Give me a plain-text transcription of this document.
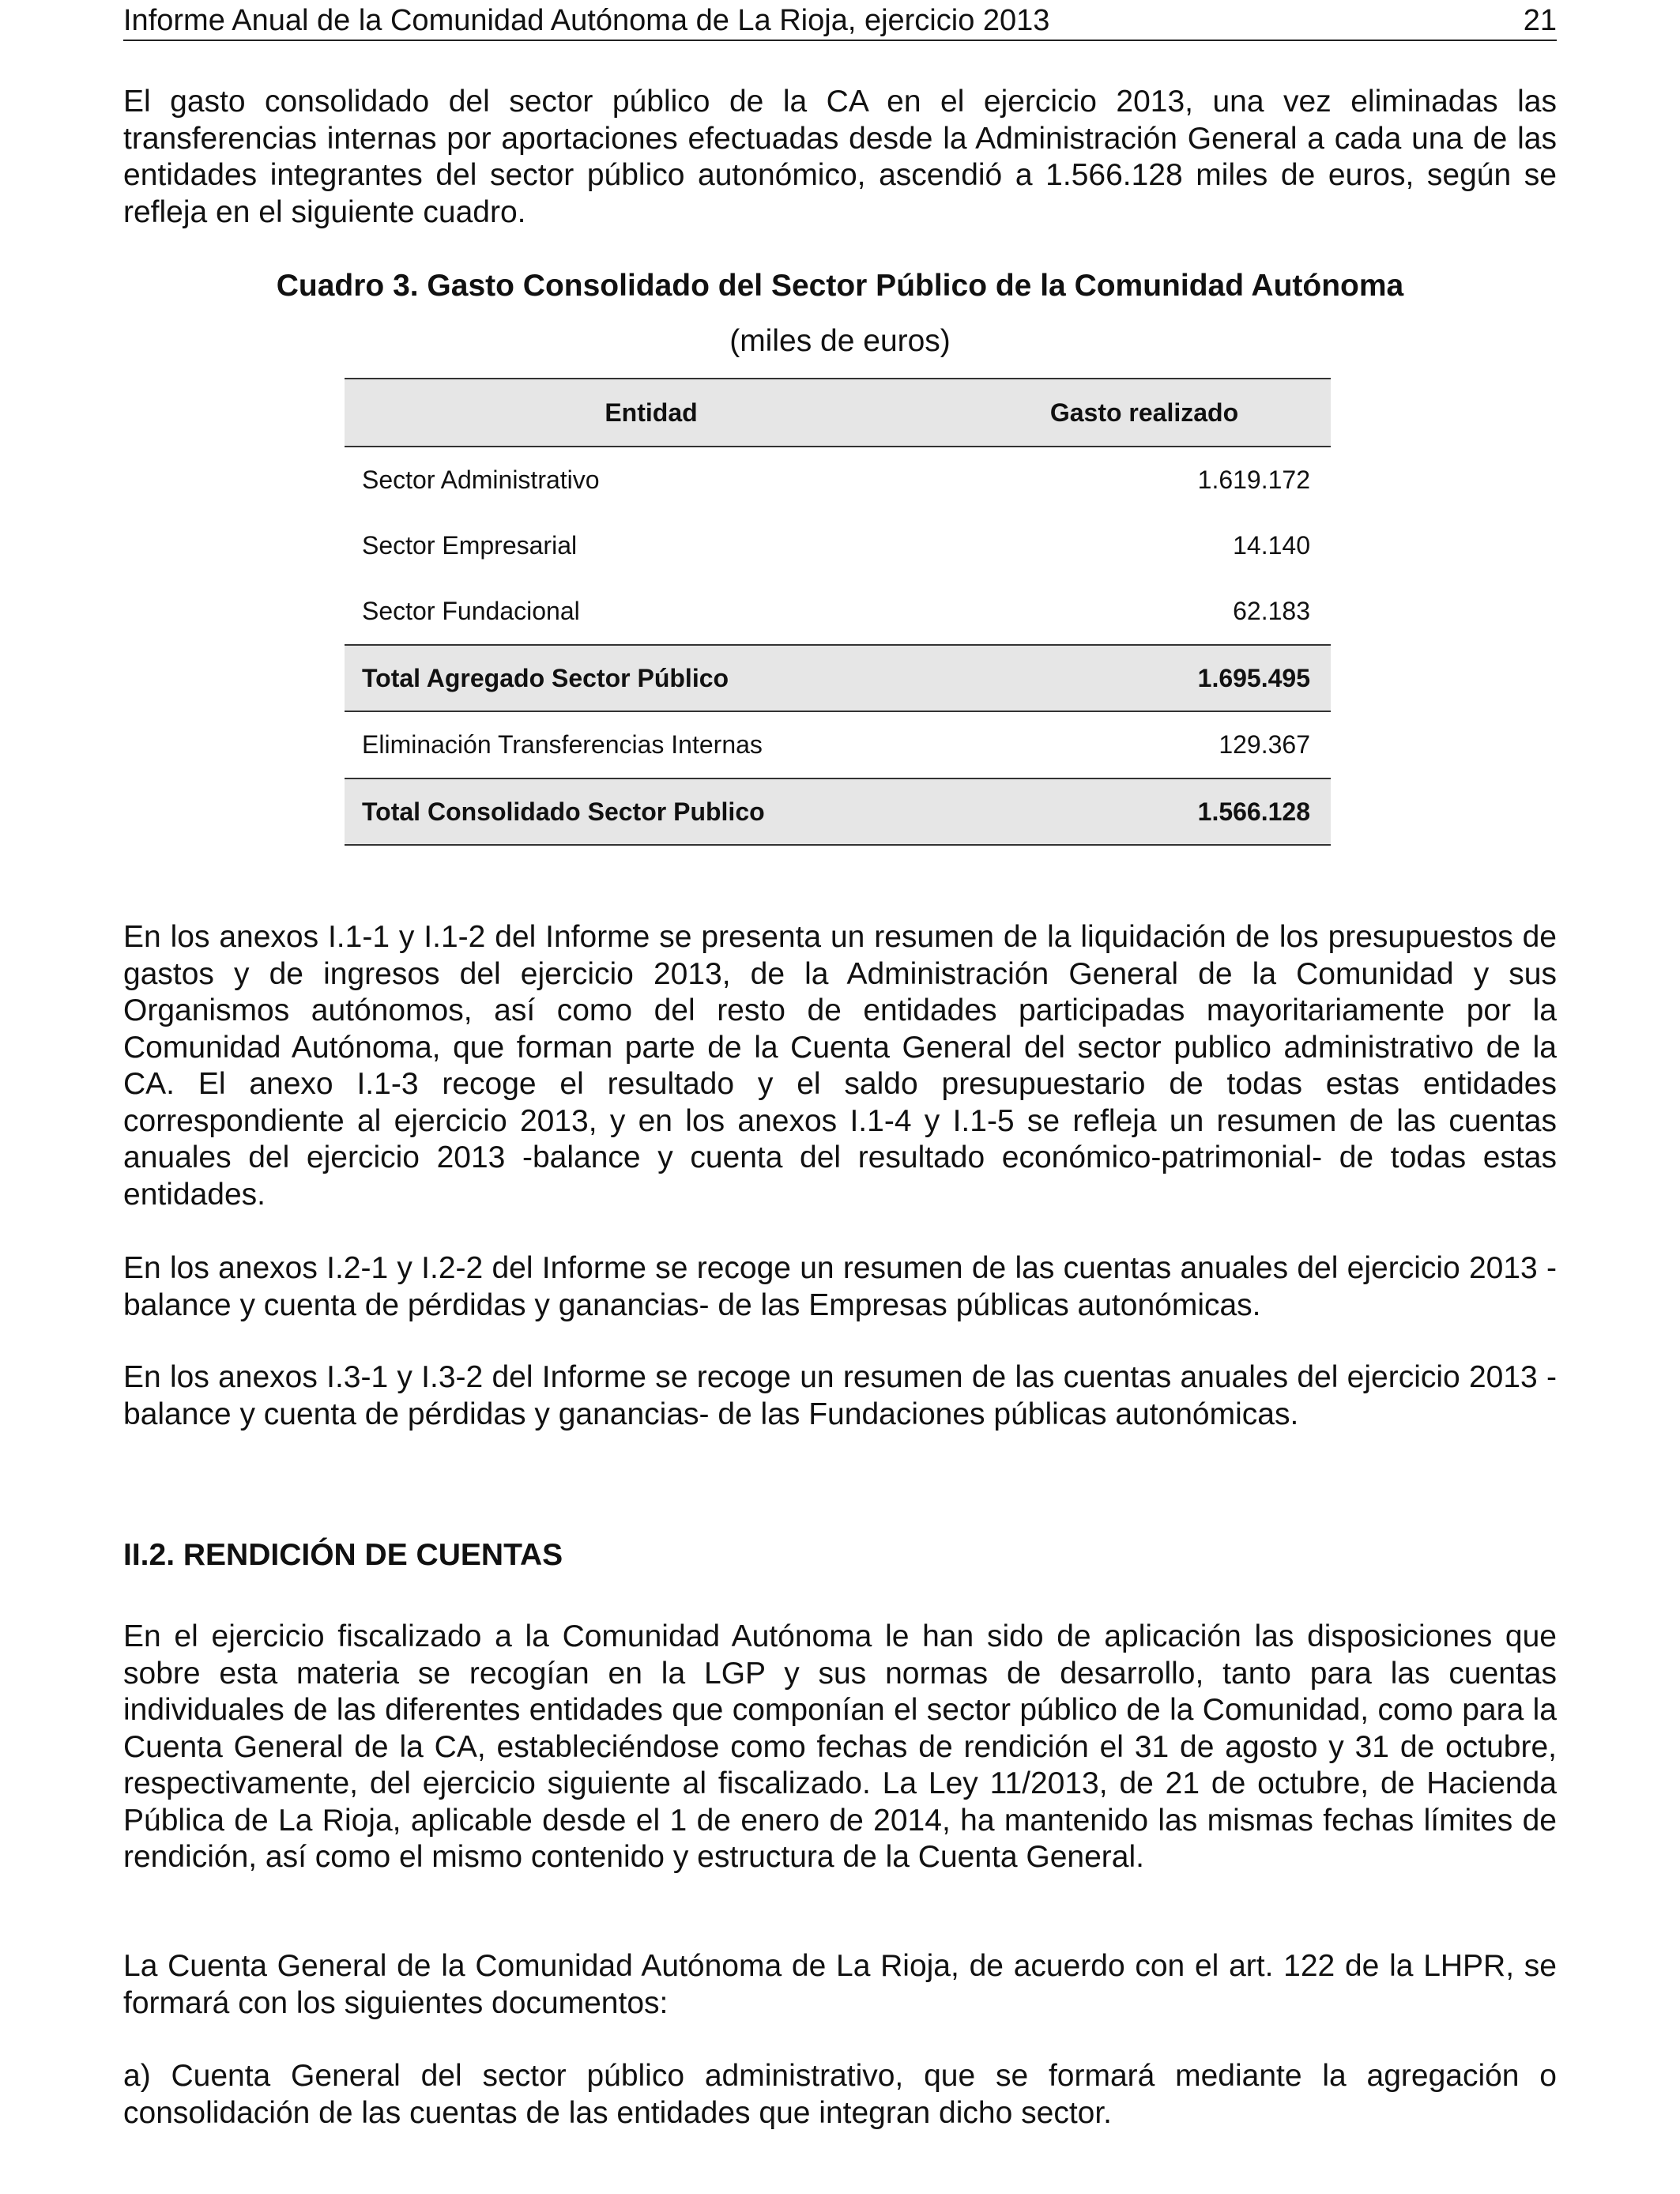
Informe Anual de la Comunidad Autónoma de La Rioja, ejercicio 2013	21

El gasto consolidado del sector público de la CA en el ejercicio 2013, una vez eliminadas las transferencias internas por aportaciones efectuadas desde la Administración General a cada una de las entidades integrantes del sector público autonómico, ascendió a 1.566.128 miles de euros, según se refleja en el siguiente cuadro.

Cuadro 3. Gasto Consolidado del Sector Público de la Comunidad Autónoma
(miles de euros)
Entidad	Gasto realizado
Sector Administrativo	1.619.172
Sector Empresarial	14.140
Sector Fundacional	62.183
Total Agregado Sector Público	1.695.495
Eliminación Transferencias Internas	129.367
Total Consolidado Sector Publico	1.566.128

En los anexos I.1-1 y I.1-2 del Informe se presenta un resumen de la liquidación de los presupuestos de gastos y de ingresos del ejercicio 2013, de la Administración General de la Comunidad y sus Organismos autónomos, así como del resto de entidades participadas mayoritariamente por la Comunidad Autónoma, que forman parte de la Cuenta General del sector publico administrativo de la CA. El anexo I.1-3 recoge el resultado y el saldo presupuestario de todas estas entidades correspondiente al ejercicio 2013, y en los anexos I.1-4 y I.1-5 se refleja un resumen de las cuentas anuales del ejercicio 2013 -balance y cuenta del resultado económico-patrimonial- de todas estas entidades.

En los anexos I.2-1 y I.2-2 del Informe se recoge un resumen de las cuentas anuales del ejercicio 2013 -balance y cuenta de pérdidas y ganancias- de las Empresas públicas autonómicas.

En los anexos I.3-1 y I.3-2 del Informe se recoge un resumen de las cuentas anuales del ejercicio 2013 -balance y cuenta de pérdidas y ganancias- de las Fundaciones públicas autonómicas.

II.2. RENDICIÓN DE CUENTAS

En el ejercicio fiscalizado a la Comunidad Autónoma le han sido de aplicación las disposiciones que sobre esta materia se recogían en la LGP y sus normas de desarrollo, tanto para las cuentas individuales de las diferentes entidades que componían el sector público de la Comunidad, como para la Cuenta General de la CA, estableciéndose como fechas de rendición el 31 de agosto y 31 de octubre, respectivamente, del ejercicio siguiente al fiscalizado. La Ley 11/2013, de 21 de octubre, de Hacienda Pública de La Rioja, aplicable desde el 1 de enero de 2014, ha mantenido las mismas fechas límites de rendición, así como el mismo contenido y estructura de la Cuenta General.

La Cuenta General de la Comunidad Autónoma de La Rioja, de acuerdo con el art. 122 de la LHPR, se formará con los siguientes documentos:

a) Cuenta General del sector público administrativo, que se formará mediante la agregación o consolidación de las cuentas de las entidades que integran dicho sector.
